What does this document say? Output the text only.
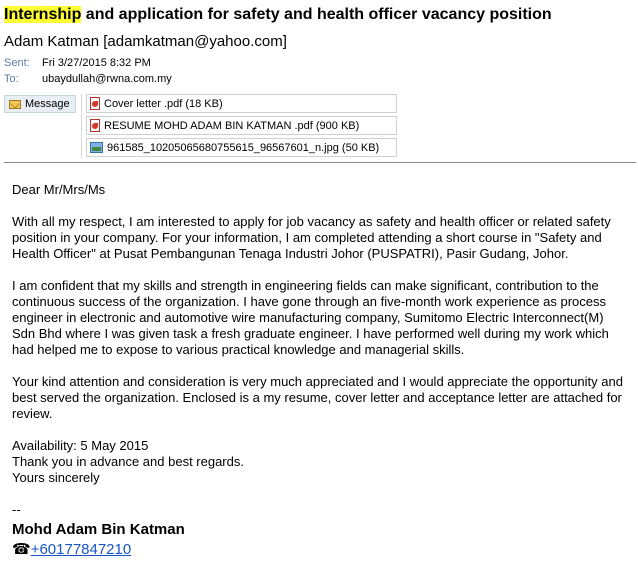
Internship and application for safety and health officer vacancy position
Adam Katman [adamkatman@yahoo.com]
Sent: Fri 3/27/2015 8:32 PM
To: ubaydullah@rwna.com.my
Message	Cover letter .pdf (18 KB)
RESUME MOHD ADAM BIN KATMAN .pdf (900 KB)
961585_10205065680755615_96567601_n.jpg (50 KB)

Dear Mr/Mrs/Ms

With all my respect, I am interested to apply for job vacancy as safety and health officer or related safety position in your company. For your information, I am completed attending a short course in "Safety and Health Officer" at Pusat Pembangunan Tenaga Industri Johor (PUSPATRI), Pasir Gudang, Johor.

I am confident that my skills and strength in engineering fields can make significant, contribution to the continuous success of the organization. I have gone through an five-month work experience as process engineer in electronic and automotive wire manufacturing company, Sumitomo Electric Interconnect(M) Sdn Bhd where I was given task a fresh graduate engineer. I have performed well during my work which had helped me to expose to various practical knowledge and managerial skills.

Your kind attention and consideration is very much appreciated and I would appreciate the opportunity and best served the organization. Enclosed is a my resume, cover letter and acceptance letter are attached for review.

Availability: 5 May 2015

Thank you in advance and best regards.

Yours sincerely

--
Mohd Adam Bin Katman
☎+60177847210
